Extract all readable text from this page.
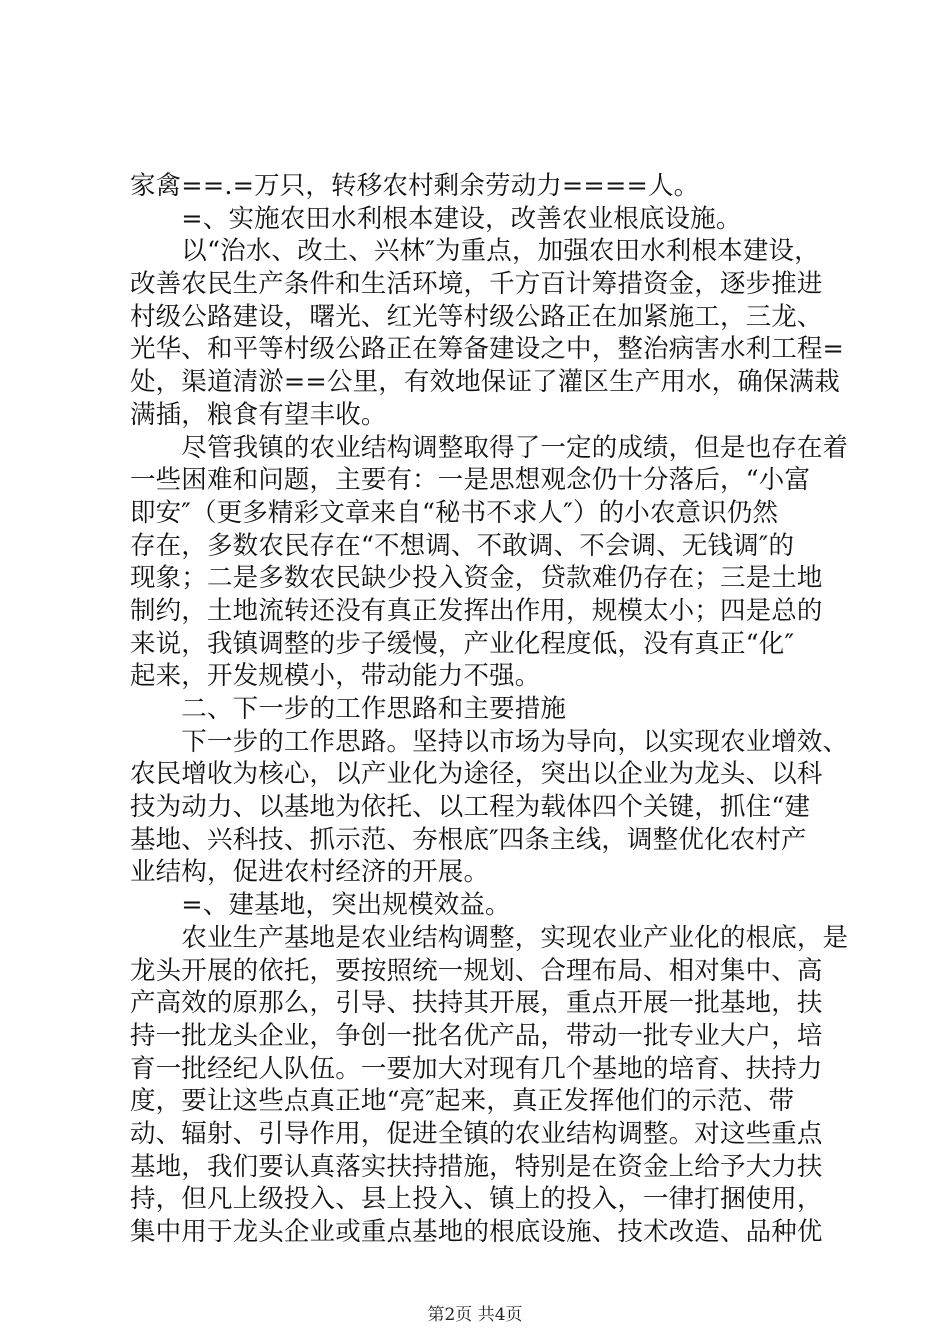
家禽==.=万只，转移农村剩余劳动力====人。
　　=、实施农田水利根本建设，改善农业根底设施。
　　以“治水、改土、兴林″为重点，加强农田水利根本建设，
改善农民生产条件和生活环境，千方百计筹措资金，逐步推进
村级公路建设，曙光、红光等村级公路正在加紧施工，三龙、
光华、和平等村级公路正在筹备建设之中，整治病害水利工程=
处，渠道清淤==公里，有效地保证了灌区生产用水，确保满栽
满插，粮食有望丰收。
　　尽管我镇的农业结构调整取得了一定的成绩，但是也存在着
一些困难和问题，主要有：一是思想观念仍十分落后，“小富
即安″（更多精彩文章来自“秘书不求人″）的小农意识仍然
存在，多数农民存在“不想调、不敢调、不会调、无钱调″的
现象；二是多数农民缺少投入资金，贷款难仍存在；三是土地
制约，土地流转还没有真正发挥出作用，规模太小；四是总的
来说，我镇调整的步子缓慢，产业化程度低，没有真正“化″
起来，开发规模小，带动能力不强。
　　二、下一步的工作思路和主要措施
　　下一步的工作思路。坚持以市场为导向，以实现农业增效、
农民增收为核心，以产业化为途径，突出以企业为龙头、以科
技为动力、以基地为依托、以工程为载体四个关键，抓住“建
基地、兴科技、抓示范、夯根底″四条主线，调整优化农村产
业结构，促进农村经济的开展。
　　=、建基地，突出规模效益。
　　农业生产基地是农业结构调整，实现农业产业化的根底，是
龙头开展的依托，要按照统一规划、合理布局、相对集中、高
产高效的原那么，引导、扶持其开展，重点开展一批基地，扶
持一批龙头企业，争创一批名优产品，带动一批专业大户，培
育一批经纪人队伍。一要加大对现有几个基地的培育、扶持力
度，要让这些点真正地“亮″起来，真正发挥他们的示范、带
动、辐射、引导作用，促进全镇的农业结构调整。对这些重点
基地，我们要认真落实扶持措施，特别是在资金上给予大力扶
持，但凡上级投入、县上投入、镇上的投入，一律打捆使用，
集中用于龙头企业或重点基地的根底设施、技术改造、品种优
第2页 共4页
